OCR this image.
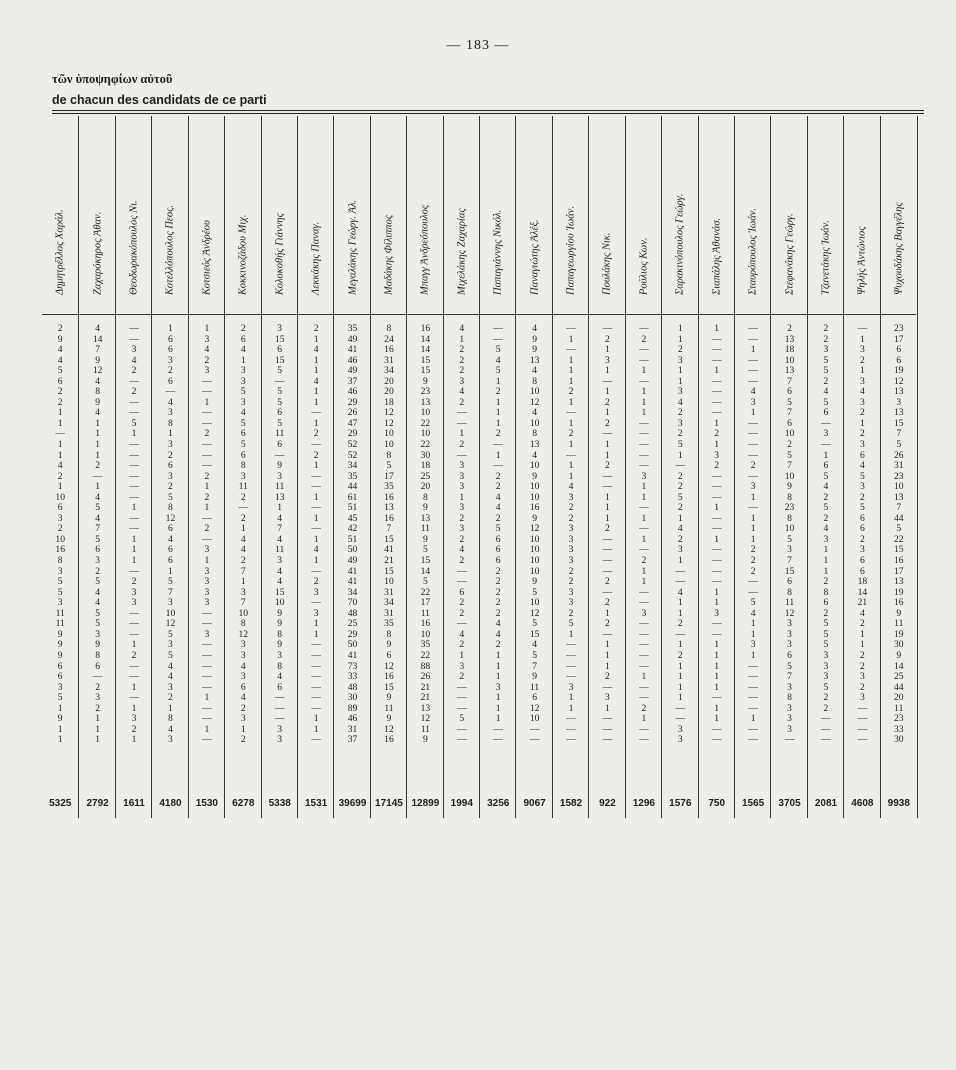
— 183 —
τῶν ὑποψηφίων αὐτοῦ
de chacun des candidats de ce parti
Δημητρέλλος Χαράλ.
2
9
4
4
5
6
2
2
1
1
—
1
1
4
2
1
10
6
3
2
10
16
8
3
5
5
3
11
11
9
9
9
6
6
3
5
1
9
1
1
5325
Ζαχαρόκηρος Ἀθαν.
4
14
7
9
12
4
8
9
4
1
1
1
1
2
—
1
4
5
4
7
5
6
3
2
5
4
4
5
5
3
9
8
6
—
2
3
2
1
1
1
2792
Θεοδωρακόπουλος Νι.
—
—
3
4
2
—
2
—
—
5
1
—
—
—
—
—
—
1
—
—
1
1
1
—
2
3
3
—
—
—
1
2
—
—
1
—
1
3
2
1
1611
Κοτελλόπουλος Πεος.
1
6
6
3
2
6
—
4
3
8
1
3
2
6
3
2
5
8
12
6
4
6
6
1
5
7
3
10
12
5
3
5
4
4
3
2
1
8
4
3
4180
Κοτσιεύς Ἀνδρέου
1
3
4
2
3
—
—
1
—
—
2
—
—
—
2
1
2
1
—
2
—
3
1
3
3
3
3
—
—
3
—
—
—
—
—
1
—
—
1
—
1530
Κοκκινοζάδου Μιχ.
2
6
4
1
3
3
5
3
4
5
6
5
6
8
3
11
2
—
2
1
4
4
2
7
1
3
7
10
8
12
3
3
4
3
6
4
2
3
1
2
6278
Κολοκοθής Γιάννης
3
15
6
15
5
—
5
5
6
5
11
6
—
9
3
11
13
1
4
7
4
11
3
4
4
15
10
9
9
8
9
3
8
4
6
—
—
—
3
3
5338
Λεκκάκης Παναγ.
2
1
4
1
1
4
1
1
—
1
2
—
2
1
—
—
1
—
1
—
1
4
1
—
2
3
—
3
1
1
—
—
—
—
—
—
—
1
1
—
1531
Μεγαλάκης Γεώργ. Ἀλ.
35
49
41
46
49
37
46
29
26
47
29
52
52
34
35
44
61
51
45
42
51
50
49
41
41
34
70
48
25
29
50
41
73
33
48
30
89
46
31
37
39699
Μαδάκης Φίλιππος
8
24
16
31
34
20
20
18
12
12
10
10
8
5
17
35
16
13
16
7
15
41
21
15
10
31
34
31
35
8
9
6
12
16
15
9
11
9
12
16
17145
Μπαγγ Ἀνδρεόπουλος
16
14
14
15
15
9
23
13
10
22
10
22
30
18
25
20
8
9
13
11
9
5
15
14
5
22
17
11
16
10
35
22
88
26
21
21
13
12
11
9
12899
Μιχελάκης Ζαχαρίας
4
1
2
2
2
3
4
2
—
—
1
2
—
3
3
3
1
3
2
3
2
4
2
—
—
6
2
2
—
4
2
1
3
2
—
—
—
5
—
—
1994
Παπαγιάννης Νικόλ.
—
—
5
4
5
1
2
1
1
1
2
—
1
—
2
2
4
4
2
5
6
6
6
2
2
2
2
2
4
4
2
1
1
1
3
1
1
1
—
—
3256
Παναγιώτης Ἀλέξ.
4
9
9
13
4
8
10
12
4
10
8
13
4
10
9
10
10
16
9
12
10
10
10
10
9
5
10
12
5
15
4
5
7
9
11
6
12
10
—
—
9067
Παπαγεωργίου Ἰωάν.
—
1
—
1
1
1
2
1
—
1
2
1
—
1
1
4
3
2
2
3
3
3
3
2
2
3
3
2
5
1
—
—
—
—
3
1
1
—
—
—
1582
Πουλάκης Νικ.
—
2
1
3
1
—
1
2
1
2
—
1
1
2
—
—
1
1
1
2
—
—
—
—
2
—
2
1
2
—
1
1
1
2
—
3
1
—
—
—
922
Ρούλιος Κων.
—
2
—
—
1
—
1
1
1
—
—
—
—
—
3
1
1
—
1
—
1
—
2
1
1
—
—
3
—
—
—
—
—
1
—
—
2
1
—
—
1296
Σαρακινόπουλος Γεώργ.
1
1
2
3
1
1
3
4
2
3
2
5
1
—
2
2
5
2
1
4
2
3
1
—
—
4
1
1
2
—
1
2
1
1
1
1
—
—
3
3
1576
Σιαπάλης Ἀθανάσ.
1
—
—
—
1
—
—
—
—
1
2
1
3
2
—
—
—
1
—
—
1
—
—
—
—
1
1
3
—
—
1
1
1
1
1
—
1
1
—
—
750
Σταυρόπουλος Ἰωάν.
—
—
1
—
—
—
4
3
1
—
—
—
—
2
—
3
1
—
1
1
1
2
2
2
—
—
5
4
1
1
3
1
—
—
—
—
—
1
—
—
1565
Στεφανάκης Γεώργ.
2
13
18
10
13
7
6
5
7
6
10
2
5
7
10
9
8
23
8
10
5
3
7
15
6
8
11
12
3
3
3
6
5
7
3
8
3
3
3
—
3705
Τζανετάκης Ἰωάν.
2
2
3
5
5
2
4
5
6
—
3
—
1
6
5
4
2
5
2
4
3
1
1
1
2
8
6
2
5
5
5
3
3
3
5
2
2
—
—
—
2081
Ψηλής Ἀντώνιος
—
1
3
2
1
3
4
3
2
1
2
3
6
4
5
3
2
5
6
6
2
3
6
6
18
14
21
4
2
1
1
2
2
3
2
3
—
—
—
—
4608
Ψυχουδάκης Βαγγέλης
23
17
6
6
19
12
13
3
13
15
7
5
26
31
23
10
13
7
44
5
22
15
16
17
13
19
16
9
11
19
30
9
14
25
44
20
11
23
33
30
9938
